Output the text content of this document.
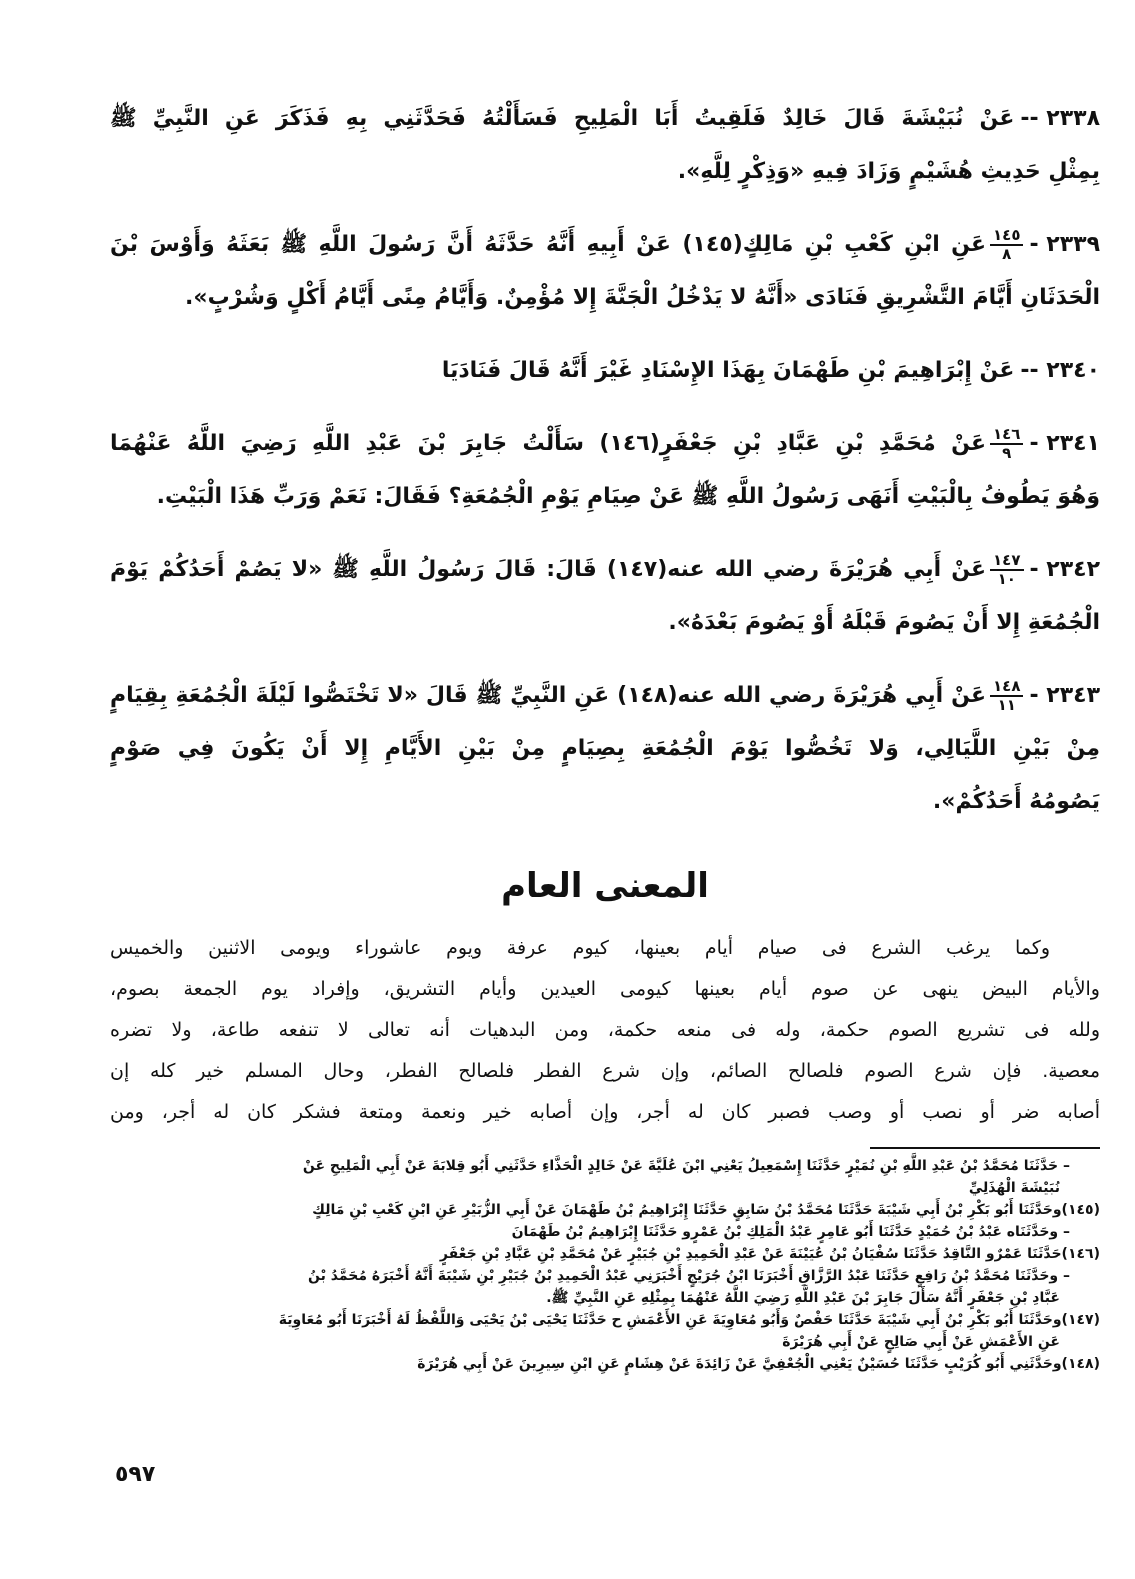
٢٣٣٨ --عَنْ نُبَيْشَةَ قَالَ خَالِدٌ فَلَقِيتُ أَبَا الْمَلِيحِ فَسَأَلْتُهُ فَحَدَّثَنِي بِهِ فَذَكَرَ عَنِ النَّبِيِّ ﷺ
بِمِثْلِ حَدِيثِ هُشَيْمٍ وَزَادَ فِيهِ «وَذِكْرٍ لِلَّهِ».
٢٣٣٩ -
$\frac{١٤٥}{٨}$
عَنِ ابْنِ كَعْبِ بْنِ مَالِكٍ(١٤٥) عَنْ أَبِيهِ أَنَّهُ حَدَّثَهُ أَنَّ رَسُولَ اللَّهِ ﷺ بَعَثَهُ وَأَوْسَ بْنَ
الْحَدَثَانِ أَيَّامَ التَّشْرِيقِ فَنَادَى «أَنَّهُ لا يَدْخُلُ الْجَنَّةَ إِلا مُؤْمِنٌ. وَأَيَّامُ مِنًى أَيَّامُ أَكْلٍ وَشُرْبٍ».
٢٣٤٠ --عَنْ إِبْرَاهِيمَ بْنِ طَهْمَانَ بِهَذَا الإِسْنَادِ غَيْرَ أَنَّهُ قَالَ فَنَادَيَا
٢٣٤١ -
$\frac{١٤٦}{٩}$
عَنْ مُحَمَّدِ بْنِ عَبَّادِ بْنِ جَعْفَرٍ(١٤٦) سَأَلْتُ جَابِرَ بْنَ عَبْدِ اللَّهِ رَضِيَ اللَّهُ عَنْهُمَا
وَهُوَ يَطُوفُ بِالْبَيْتِ أَنَهَى رَسُولُ اللَّهِ ﷺ عَنْ صِيَامِ يَوْمِ الْجُمُعَةِ؟ فَقَالَ: نَعَمْ وَرَبِّ هَذَا الْبَيْتِ.
٢٣٤٢ -
$\frac{١٤٧}{١٠}$
عَنْ أَبِي هُرَيْرَةَ رضي الله عنه(١٤٧) قَالَ: قَالَ رَسُولُ اللَّهِ ﷺ «لا يَصُمْ أَحَدُكُمْ يَوْمَ
الْجُمُعَةِ إِلا أَنْ يَصُومَ قَبْلَهُ أَوْ يَصُومَ بَعْدَهُ».
٢٣٤٣ -
$\frac{١٤٨}{١١}$
عَنْ أَبِي هُرَيْرَةَ رضي الله عنه(١٤٨) عَنِ النَّبِيِّ ﷺ قَالَ «لا تَخْتَصُّوا لَيْلَةَ الْجُمُعَةِ بِقِيَامٍ
مِنْ بَيْنِ اللَّيَالِي، وَلا تَخُصُّوا يَوْمَ الْجُمُعَةِ بِصِيَامٍ مِنْ بَيْنِ الأَيَّامِ إِلا أَنْ يَكُونَ فِي صَوْمٍ
يَصُومُهُ أَحَدُكُمْ».
المعنى العام

وكما يرغب الشرع فى صيام أيام بعينها، كيوم عرفة ويوم عاشوراء ويومى الاثنين والخميس

والأيام البيض ينهى عن صوم أيام بعينها كيومى العيدين وأيام التشريق، وإفراد يوم الجمعة بصوم،

ولله فى تشريع الصوم حكمة، وله فى منعه حكمة، ومن البدهيات أنه تعالى لا تنفعه طاعة، ولا تضره

معصية. فإن شرع الصوم فلصالح الصائم، وإن شرع الفطر فلصالح الفطر، وحال المسلم خير كله إن

أصابه ضر أو نصب أو وصب فصبر كان له أجر، وإن أصابه خير ونعمة ومتعة فشكر كان له أجر، ومن

– حَدَّثَنَا مُحَمَّدُ بْنُ عَبْدِ اللَّهِ بْنِ نُمَيْرٍ حَدَّثَنَا إِسْمَعِيلُ يَعْنِي ابْنَ عُلَيَّةَ عَنْ خَالِدٍ الْحَذَّاءِ حَدَّثَنِي أَبُو قِلابَةَ عَنْ أَبِي الْمَلِيحِ عَنْ
نُبَيْشَةَ الْهُذَلِيِّ
(١٤٥)وحَدَّثَنَا أَبُو بَكْرِ بْنُ أَبِي شَيْبَةَ حَدَّثَنَا مُحَمَّدُ بْنُ سَابِقٍ حَدَّثَنَا إِبْرَاهِيمُ بْنُ طَهْمَانَ عَنْ أَبِي الزُّبَيْرِ عَنِ ابْنِ كَعْبِ بْنِ مَالِكٍ
– وحَدَّثَنَاه عَبْدُ بْنُ حُمَيْدٍ حَدَّثَنَا أَبُو عَامِرٍ عَبْدُ الْمَلِكِ بْنُ عَمْرٍو حَدَّثَنَا إِبْرَاهِيمُ بْنُ طَهْمَانَ
(١٤٦)حَدَّثَنَا عَمْرٌو النَّاقِدُ حَدَّثَنَا سُفْيَانُ بْنُ عُيَيْنَةَ عَنْ عَبْدِ الْحَمِيدِ بْنِ جُبَيْرٍ عَنْ مُحَمَّدِ بْنِ عَبَّادِ بْنِ جَعْفَرٍ
– وحَدَّثَنَا مُحَمَّدُ بْنُ رَافِعٍ حَدَّثَنَا عَبْدُ الرَّزَّاقِ أَخْبَرَنَا ابْنُ جُرَيْجٍ أَخْبَرَنِي عَبْدُ الْحَمِيدِ بْنُ جُبَيْرِ بْنِ شَيْبَةَ أَنَّهُ أَخْبَرَهُ مُحَمَّدُ بْنُ
عَبَّادِ بْنِ جَعْفَرٍ أَنَّهُ سَأَلَ جَابِرَ بْنَ عَبْدِ اللَّهِ رَضِيَ اللَّهُ عَنْهُمَا بِمِثْلِهِ عَنِ النَّبِيِّ ﷺ.
(١٤٧)وحَدَّثَنَا أَبُو بَكْرِ بْنُ أَبِي شَيْبَةَ حَدَّثَنَا حَفْصٌ وَأَبُو مُعَاوِيَةَ عَنِ الأَعْمَشِ ح حَدَّثَنَا يَحْيَى بْنُ يَحْيَى وَاللَّفْظُ لَهُ أَخْبَرَنَا أَبُو مُعَاوِيَةَ
عَنِ الأَعْمَشِ عَنْ أَبِي صَالِحٍ عَنْ أَبِي هُرَيْرَةَ
(١٤٨)وحَدَّثَنِي أَبُو كُرَيْبٍ حَدَّثَنَا حُسَيْنٌ يَعْنِي الْجُعْفِيَّ عَنْ زَائِدَةَ عَنْ هِشَامٍ عَنِ ابْنِ سِيرِينَ عَنْ أَبِي هُرَيْرَةَ
٥٩٧
